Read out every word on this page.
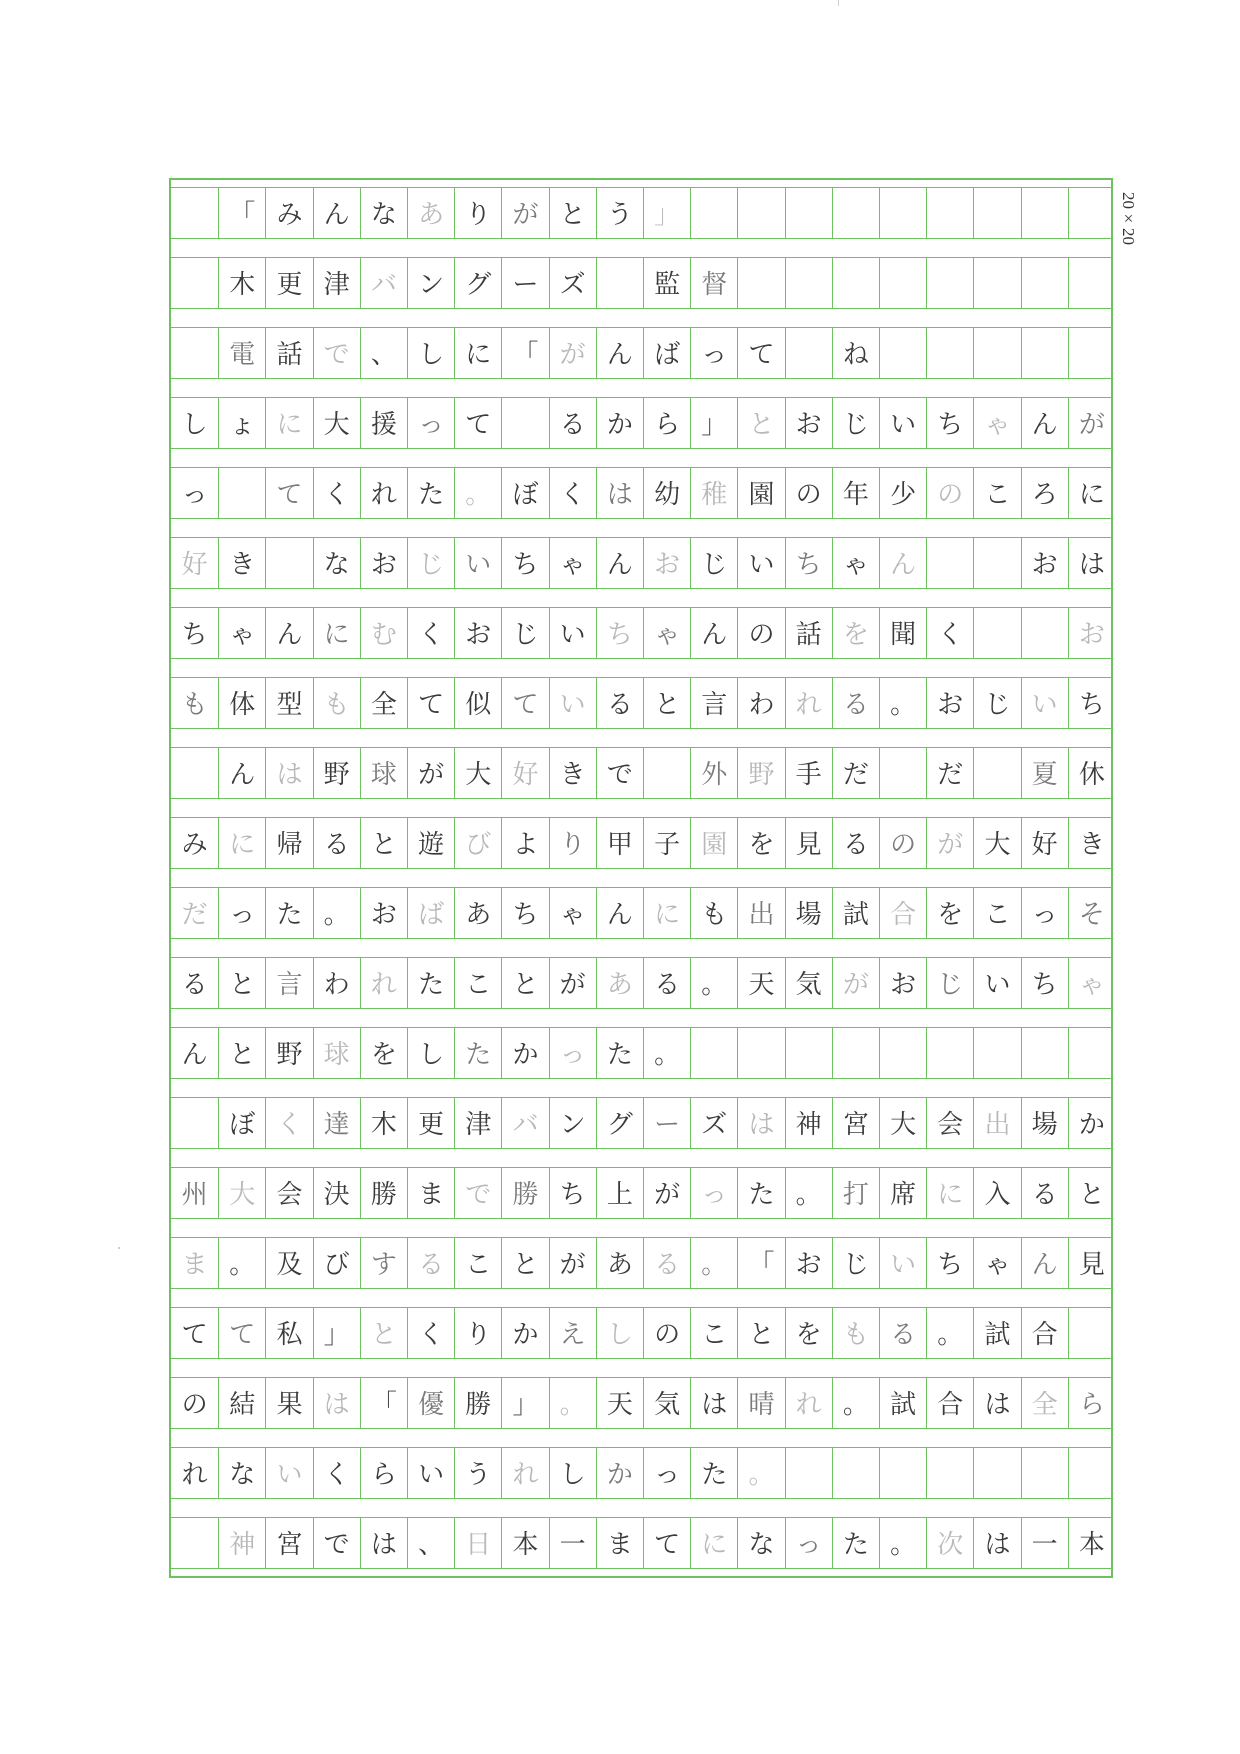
20×20
「 み ん な あ り が と う 」
木 更 津 バ ン グ ー ズ	監 督
電 話 で 、 し に 「 が ん ば っ て	ね
し ょ に 大 援 っ て	る か ら 」 と お じ い ち ゃ ん が
っ	て く れ た 。 ぼ く は 幼 稚 園 の 年 少 の こ ろ に
好 き	な お じ い ち ゃ ん お じ い ち ゃ ん	お は
ち ゃ ん に む く お じ い ち ゃ ん の 話 を 聞 く	お
も 体 型 も 全 て 似 て い る と 言 わ れ る 。 お じ い ち
ん は 野 球 が 大 好 き で	外 野 手 だ	だ	夏 休
み に 帰 る と 遊 び よ り 甲 子 園 を 見 る の が 大 好 き
だ っ た 。 お ば あ ち ゃ ん に も 出 場 試 合 を こ っ そ
る と 言 わ れ た こ と が あ る 。 天 気 が お じ い ち ゃ
ん と 野 球 を し た か っ た 。
ぼ く 達 木 更 津 バ ン グ ー ズ は 神 宮 大 会 出 場 か
州 大 会 決 勝 ま で 勝 ち 上 が っ た 。 打 席 に 入 る と
ま 。 及 び す る こ と が あ る 。 「 お じ い ち ゃ ん 見
て て 私 」 と く り か え し の こ と を も る 。 試 合
の 結 果 は 「 優 勝 」 。 天 気 は 晴 れ 。 試 合 は 全 ら
れ な い く ら い う れ し か っ た 。
神 宮 で は 、 日 本 一 ま て に な っ た 。 次 は 一 本
